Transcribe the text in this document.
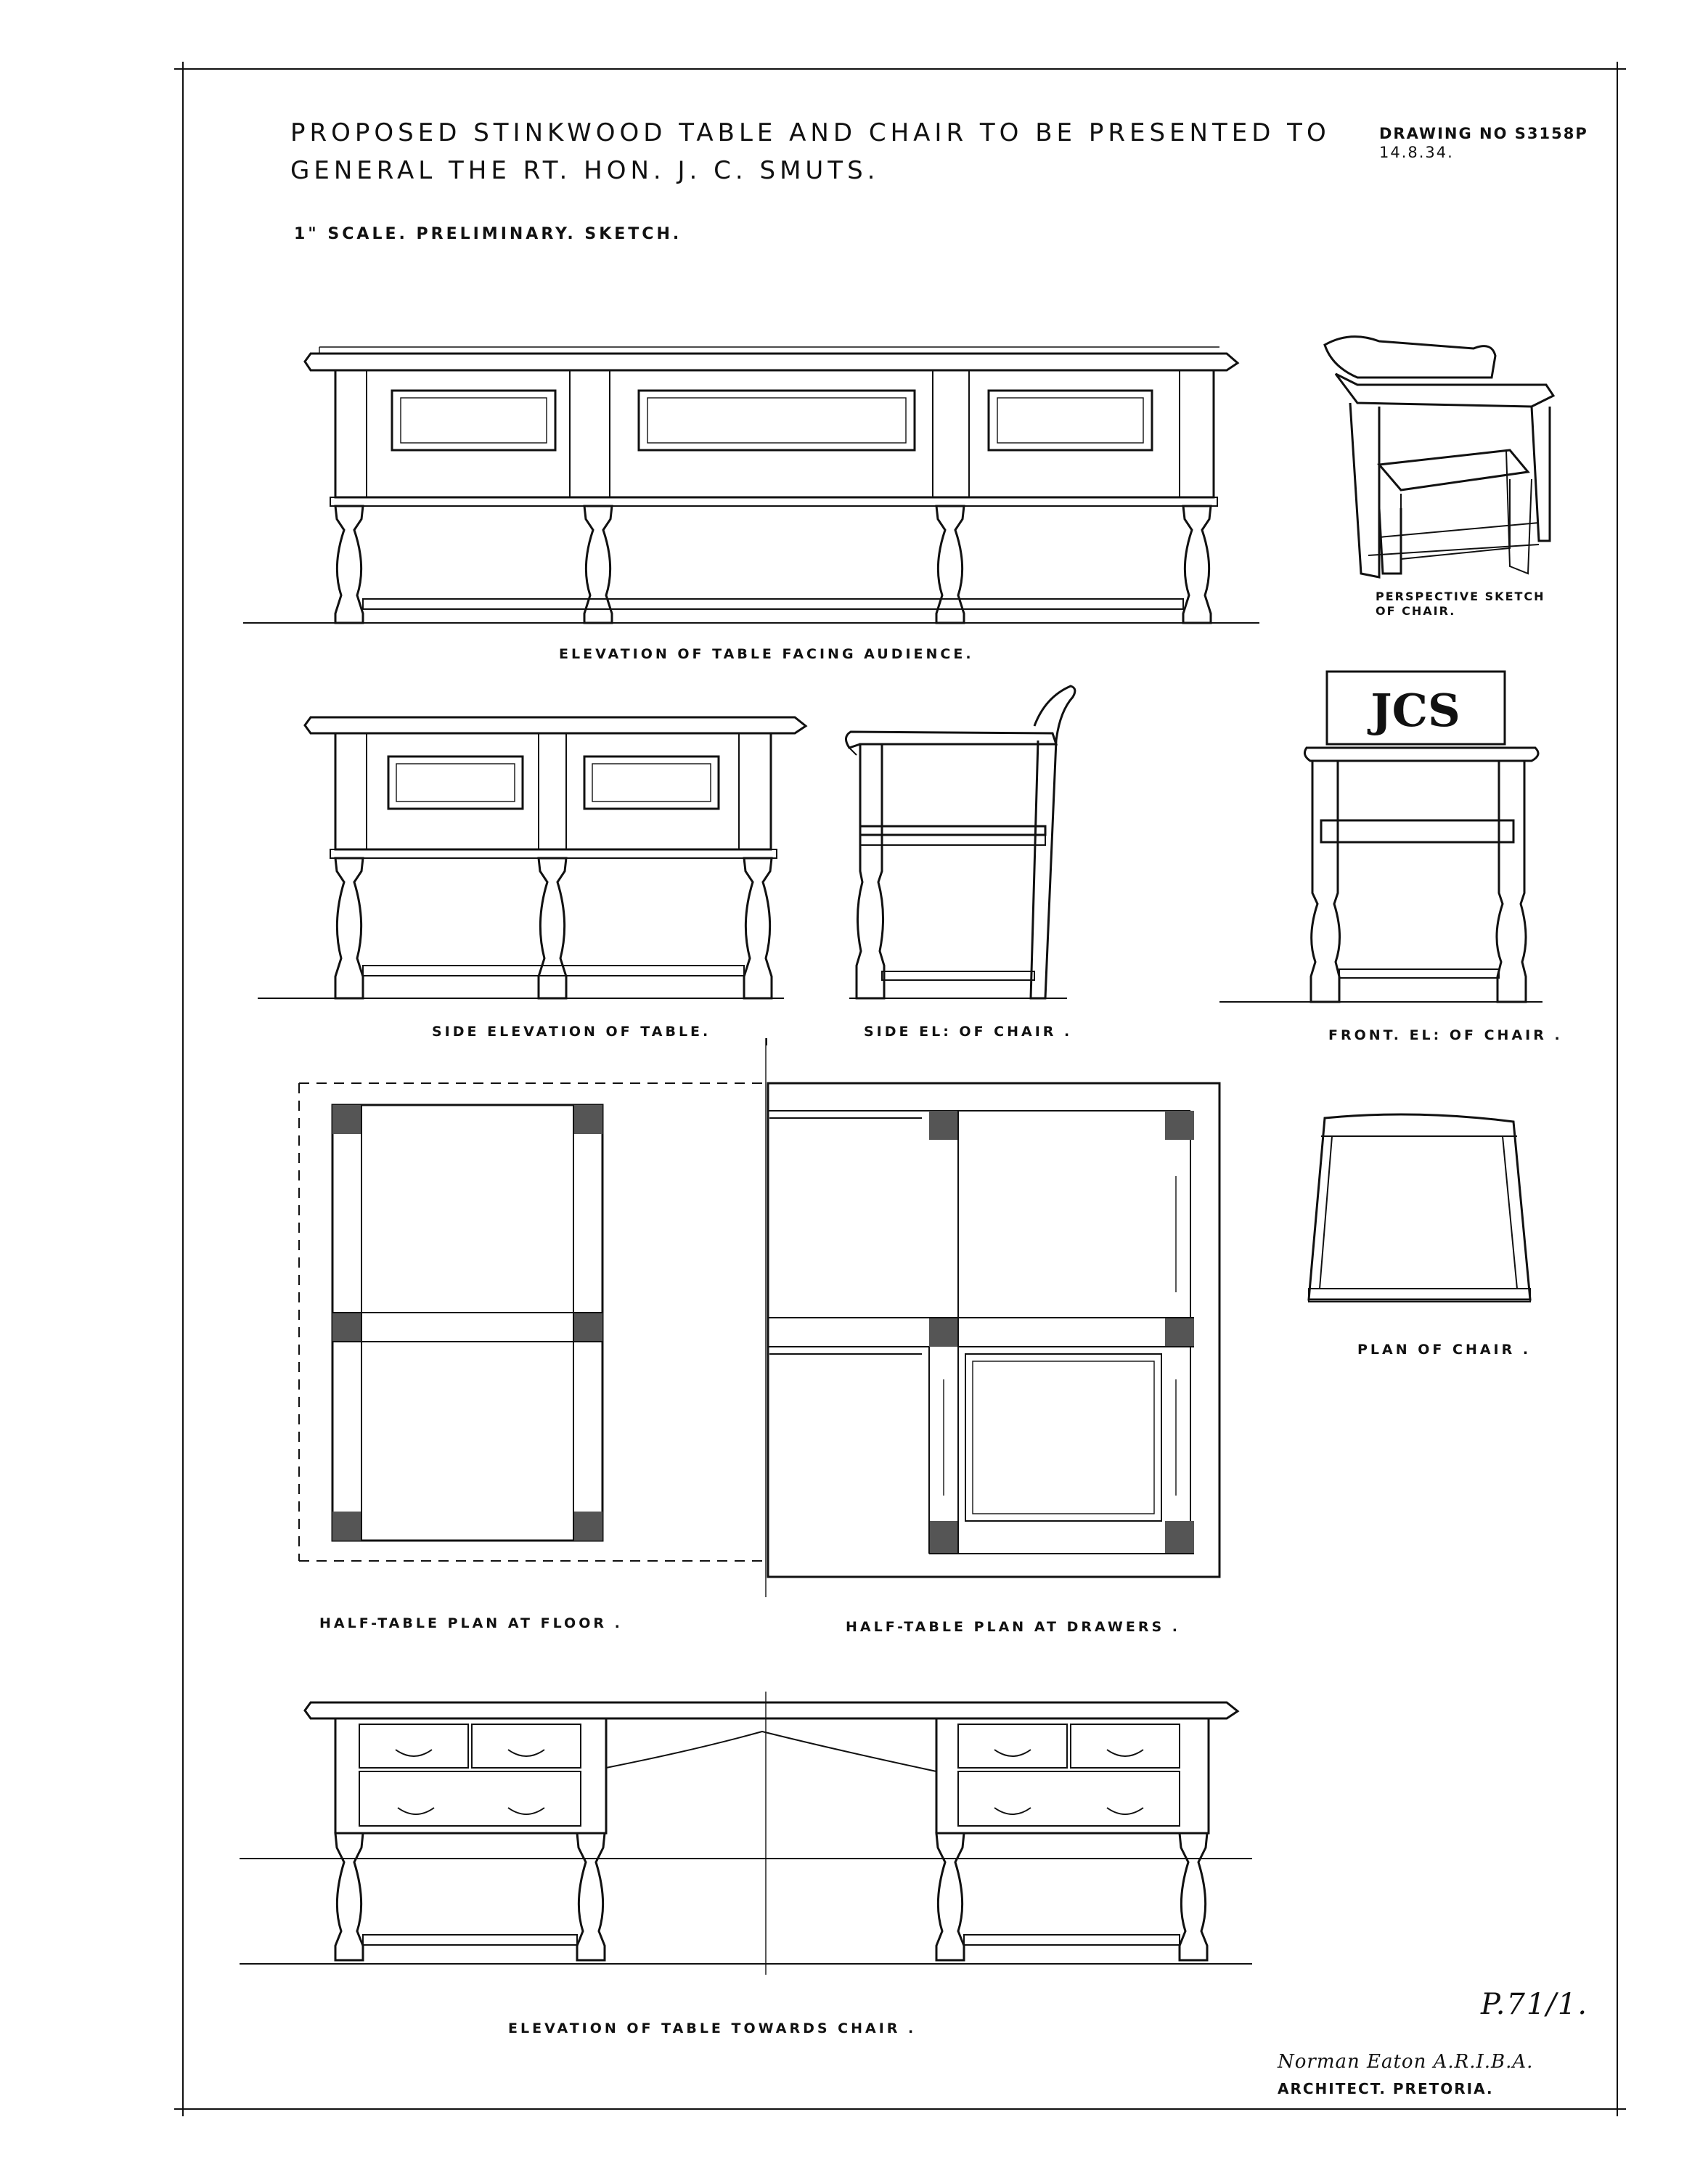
JCS
PROPOSED STINKWOOD TABLE AND CHAIR TO BE PRESENTED TO
GENERAL THE RT. HON. J. C. SMUTS.
1" SCALE. PRELIMINARY. SKETCH.
DRAWING NO S3158P
14.8.34.
ELEVATION OF TABLE FACING AUDIENCE.
PERSPECTIVE SKETCH
OF CHAIR.
SIDE ELEVATION OF TABLE.	SIDE EL: OF CHAIR .	FRONT. EL: OF CHAIR .
PLAN OF CHAIR .
HALF-TABLE PLAN AT FLOOR .	HALF-TABLE PLAN AT DRAWERS .
ELEVATION OF TABLE TOWARDS CHAIR .
P.71/1.
Norman Eaton A.R.I.B.A.
ARCHITECT. PRETORIA.
